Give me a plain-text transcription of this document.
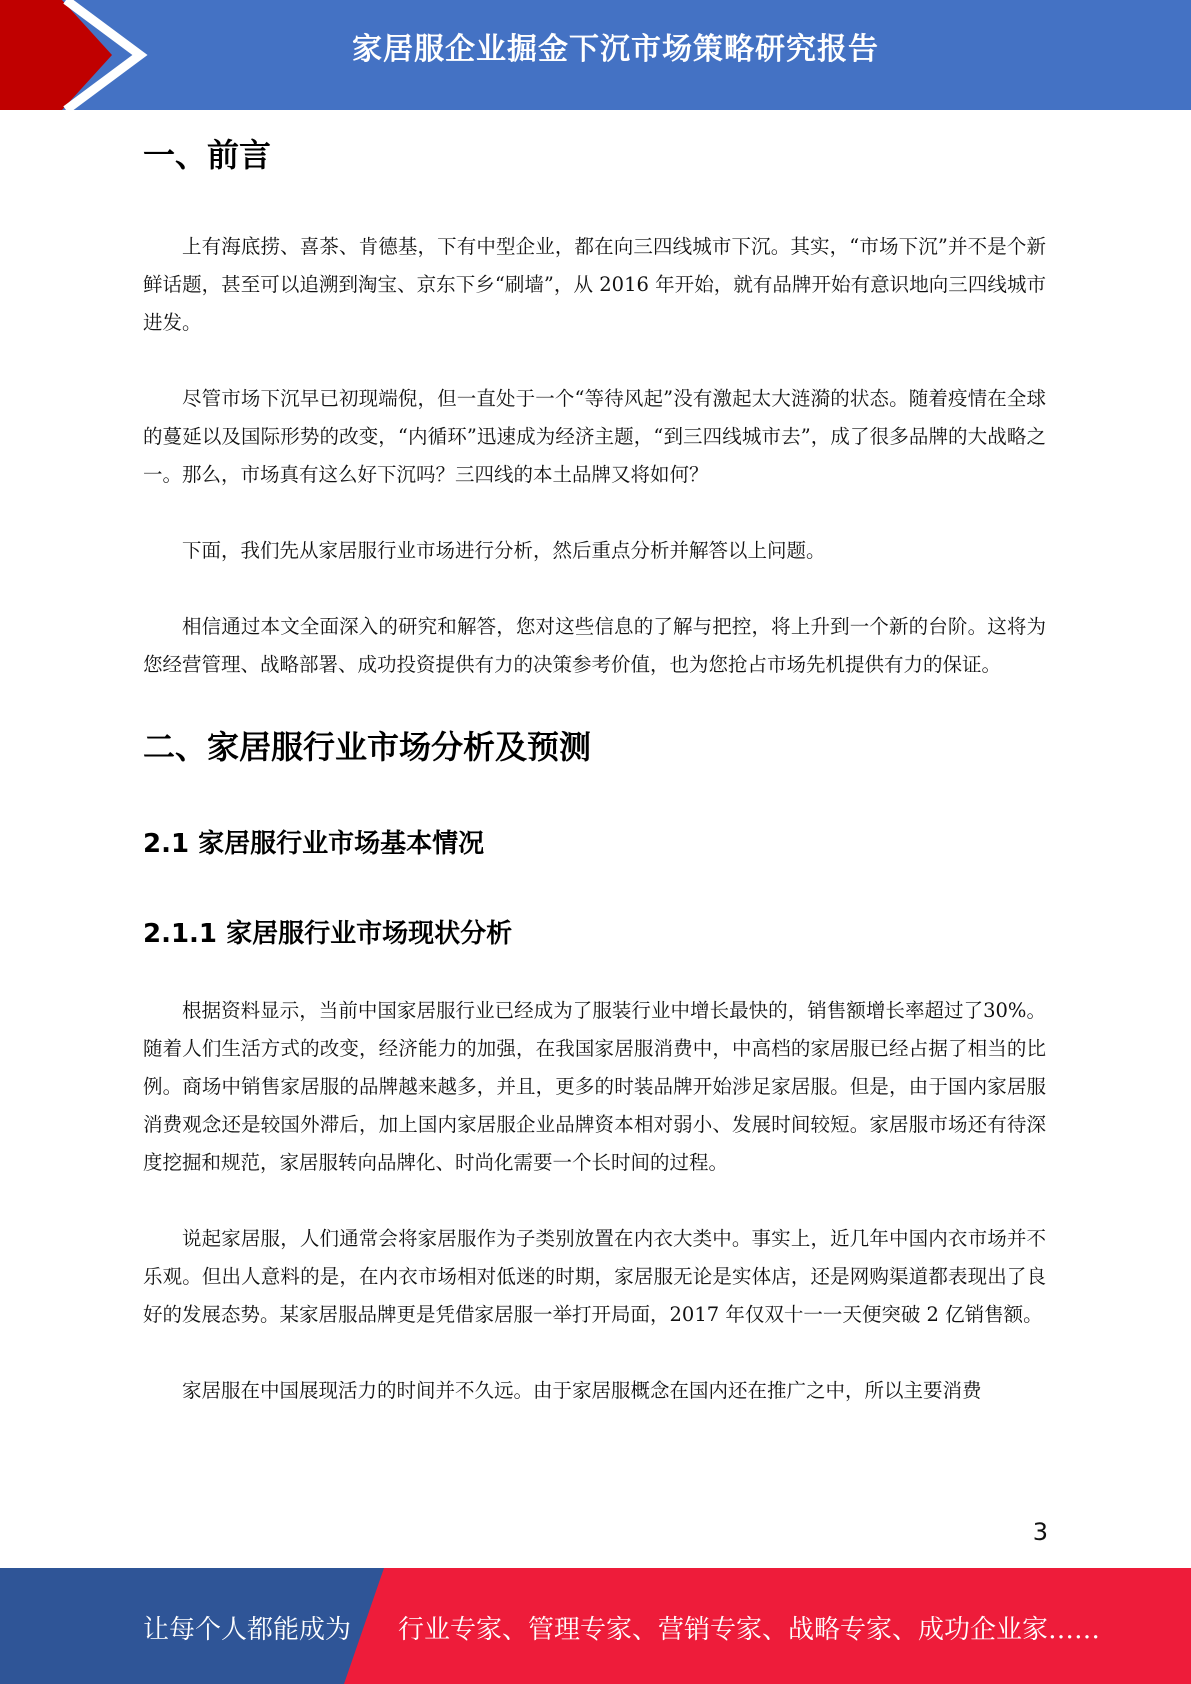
家居服企业掘金下沉市场策略研究报告
一、前言

上有海底捞、喜茶、肯德基，下有中型企业，都在向三四线城市下沉。其实，“市场下沉”并不是个新鲜话题，甚至可以追溯到淘宝、京东下乡“刷墙”，从 2016 年开始，就有品牌开始有意识地向三四线城市进发。

尽管市场下沉早已初现端倪，但一直处于一个“等待风起”没有激起太大涟漪的状态。随着疫情在全球的蔓延以及国际形势的改变，“内循环”迅速成为经济主题，“到三四线城市去”，成了很多品牌的大战略之一。那么，市场真有这么好下沉吗？三四线的本土品牌又将如何？

下面，我们先从家居服行业市场进行分析，然后重点分析并解答以上问题。

相信通过本文全面深入的研究和解答，您对这些信息的了解与把控，将上升到一个新的台阶。这将为您经营管理、战略部署、成功投资提供有力的决策参考价值，也为您抢占市场先机提供有力的保证。

二、家居服行业市场分析及预测
2.1 家居服行业市场基本情况
2.1.1 家居服行业市场现状分析

根据资料显示，当前中国家居服行业已经成为了服装行业中增长最快的，销售额增长率超过了30%。随着人们生活方式的改变，经济能力的加强，在我国家居服消费中，中高档的家居服已经占据了相当的比例。商场中销售家居服的品牌越来越多，并且，更多的时装品牌开始涉足家居服。但是，由于国内家居服消费观念还是较国外滞后，加上国内家居服企业品牌资本相对弱小、发展时间较短。家居服市场还有待深度挖掘和规范，家居服转向品牌化、时尚化需要一个长时间的过程。

说起家居服，人们通常会将家居服作为子类别放置在内衣大类中。事实上，近几年中国内衣市场并不乐观。但出人意料的是，在内衣市场相对低迷的时期，家居服无论是实体店，还是网购渠道都表现出了良好的发展态势。某家居服品牌更是凭借家居服一举打开局面，2017 年仅双十一一天便突破 2 亿销售额。

家居服在中国展现活力的时间并不久远。由于家居服概念在国内还在推广之中，所以主要消费

3
让每个人都能成为 行业专家、管理专家、营销专家、战略专家、成功企业家……
